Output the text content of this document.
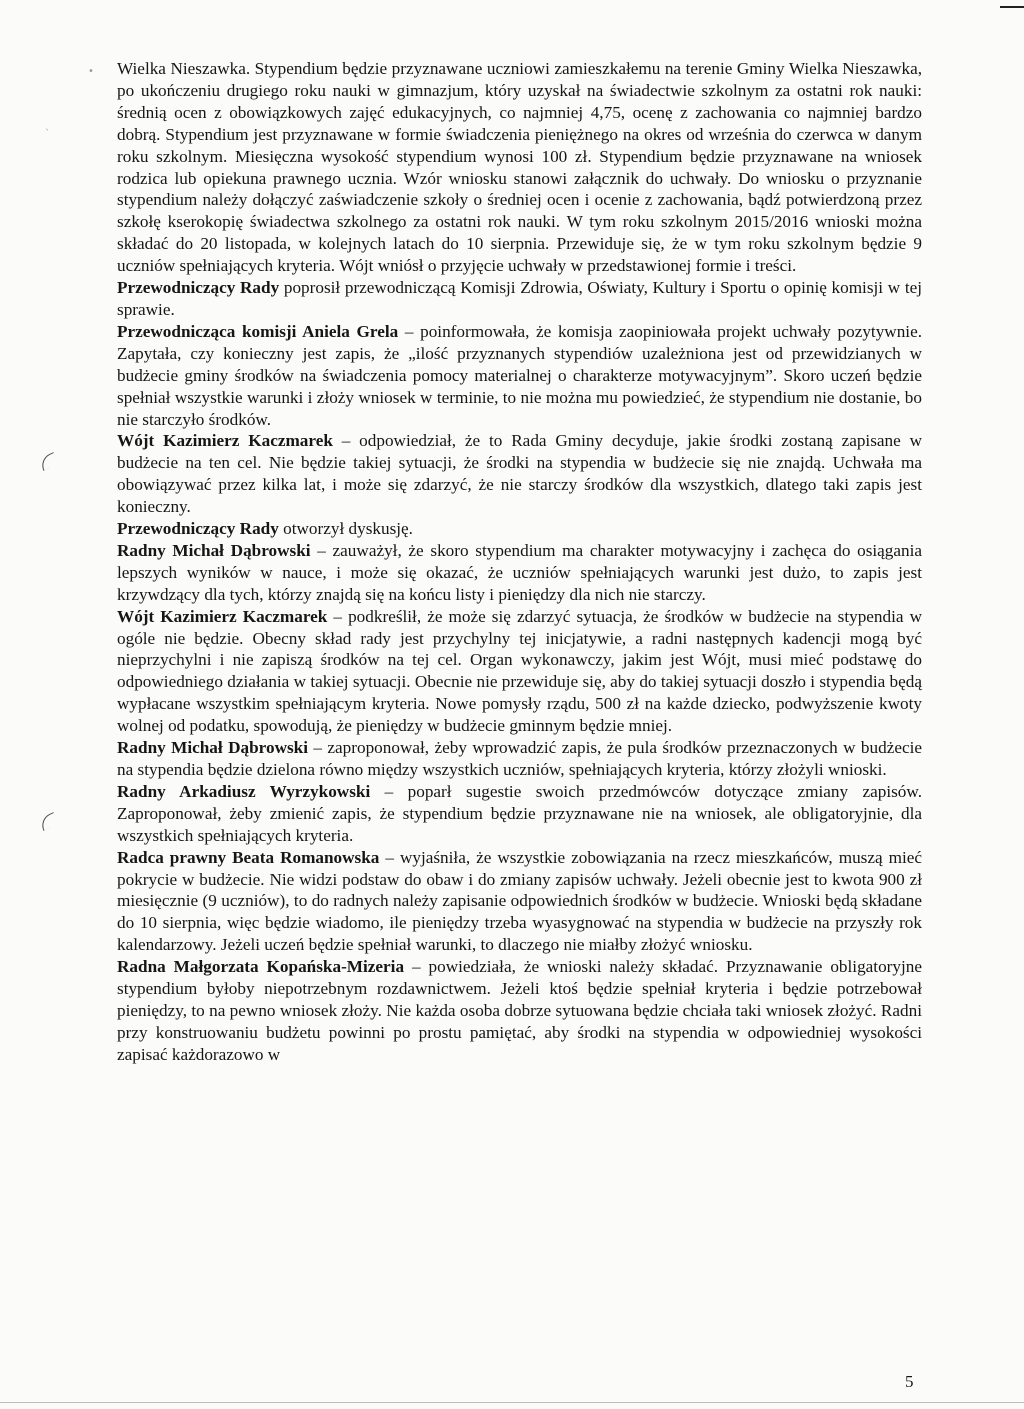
•
ˎ

Wielka Nieszawka. Stypendium będzie przyznawane uczniowi zamieszkałemu na terenie Gminy Wielka Nieszawka, po ukończeniu drugiego roku nauki w gimnazjum, który uzyskał na świadectwie szkolnym za ostatni rok nauki: średnią ocen z obowiązkowych zajęć edukacyjnych, co najmniej 4,75, ocenę z zachowania co najmniej bardzo dobrą. Stypendium jest przyznawane w formie świadczenia pieniężnego na okres od września do czerwca w danym roku szkolnym. Miesięczna wysokość stypendium wynosi 100 zł. Stypendium będzie przyznawane na wniosek rodzica lub opiekuna prawnego ucznia. Wzór wniosku stanowi załącznik do uchwały. Do wniosku o przyznanie stypendium należy dołączyć zaświadczenie szkoły o średniej ocen i ocenie z zachowania, bądź potwierdzoną przez szkołę kserokopię świadectwa szkolnego za ostatni rok nauki. W tym roku szkolnym 2015/2016 wnioski można składać do 20 listopada, w kolejnych latach do 10 sierpnia. Przewiduje się, że w tym roku szkolnym będzie 9 uczniów spełniających kryteria. Wójt wniósł o przyjęcie uchwały w przedstawionej formie i treści.

Przewodniczący Rady poprosił przewodniczącą Komisji Zdrowia, Oświaty, Kultury i Sportu o opinię komisji w tej sprawie.

Przewodnicząca komisji Aniela Grela – poinformowała, że komisja zaopiniowała projekt uchwały pozytywnie. Zapytała, czy konieczny jest zapis, że „ilość przyznanych stypendiów uzależniona jest od przewidzianych w budżecie gminy środków na świadczenia pomocy materialnej o charakterze motywacyjnym”. Skoro uczeń będzie spełniał wszystkie warunki i złoży wniosek w terminie, to nie można mu powiedzieć, że stypendium nie dostanie, bo nie starczyło środków.

Wójt Kazimierz Kaczmarek – odpowiedział, że to Rada Gminy decyduje, jakie środki zostaną zapisane w budżecie na ten cel. Nie będzie takiej sytuacji, że środki na stypendia w budżecie się nie znajdą. Uchwała ma obowiązywać przez kilka lat, i może się zdarzyć, że nie starczy środków dla wszystkich, dlatego taki zapis jest konieczny.

Przewodniczący Rady otworzył dyskusję.

Radny Michał Dąbrowski – zauważył, że skoro stypendium ma charakter motywacyjny i zachęca do osiągania lepszych wyników w nauce, i może się okazać, że uczniów spełniających warunki jest dużo, to zapis jest krzywdzący dla tych, którzy znajdą się na końcu listy i pieniędzy dla nich nie starczy.

Wójt Kazimierz Kaczmarek – podkreślił, że może się zdarzyć sytuacja, że środków w budżecie na stypendia w ogóle nie będzie. Obecny skład rady jest przychylny tej inicjatywie, a radni następnych kadencji mogą być nieprzychylni i nie zapiszą środków na tej cel. Organ wykonawczy, jakim jest Wójt, musi mieć podstawę do odpowiedniego działania w takiej sytuacji. Obecnie nie przewiduje się, aby do takiej sytuacji doszło i stypendia będą wypłacane wszystkim spełniającym kryteria. Nowe pomysły rządu, 500 zł na każde dziecko, podwyższenie kwoty wolnej od podatku, spowodują, że pieniędzy w budżecie gminnym będzie mniej.

Radny Michał Dąbrowski – zaproponował, żeby wprowadzić zapis, że pula środków przeznaczonych w budżecie na stypendia będzie dzielona równo między wszystkich uczniów, spełniających kryteria, którzy złożyli wnioski.

Radny Arkadiusz Wyrzykowski – poparł sugestie swoich przedmówców dotyczące zmiany zapisów. Zaproponował, żeby zmienić zapis, że stypendium będzie przyznawane nie na wniosek, ale obligatoryjnie, dla wszystkich spełniających kryteria.

Radca prawny Beata Romanowska – wyjaśniła, że wszystkie zobowiązania na rzecz mieszkańców, muszą mieć pokrycie w budżecie. Nie widzi podstaw do obaw i do zmiany zapisów uchwały. Jeżeli obecnie jest to kwota 900 zł miesięcznie (9 uczniów), to do radnych należy zapisanie odpowiednich środków w budżecie. Wnioski będą składane do 10 sierpnia, więc będzie wiadomo, ile pieniędzy trzeba wyasygnować na stypendia w budżecie na przyszły rok kalendarzowy. Jeżeli uczeń będzie spełniał warunki, to dlaczego nie miałby złożyć wniosku.

Radna Małgorzata Kopańska-Mizeria – powiedziała, że wnioski należy składać. Przyznawanie obligatoryjne stypendium byłoby niepotrzebnym rozdawnictwem. Jeżeli ktoś będzie spełniał kryteria i będzie potrzebował pieniędzy, to na pewno wniosek złoży. Nie każda osoba dobrze sytuowana będzie chciała taki wniosek złożyć. Radni przy konstruowaniu budżetu powinni po prostu pamiętać, aby środki na stypendia w odpowiedniej wysokości zapisać każdorazowo w

5
